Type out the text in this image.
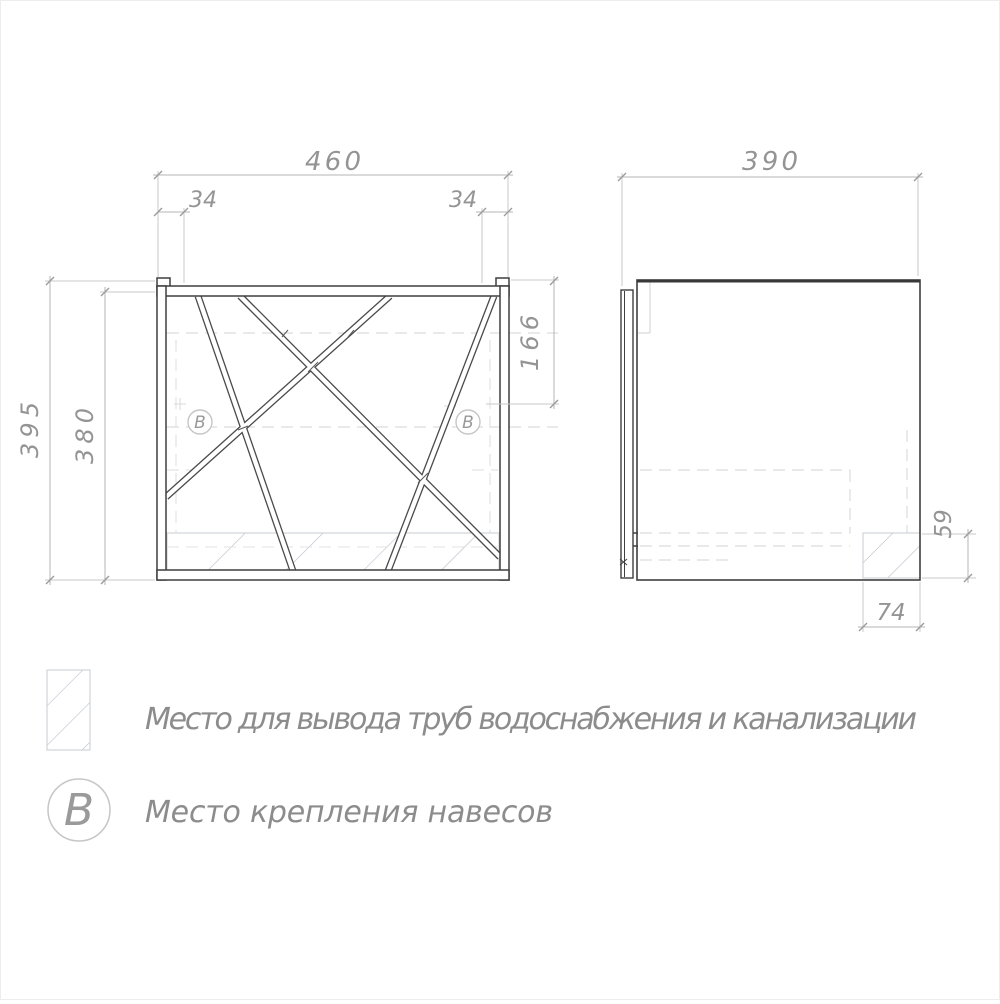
В	В
460
34	34
166
395
380
390
59
74
Место для вывода труб водоснабжения и канализации
В Место крепления навесов
